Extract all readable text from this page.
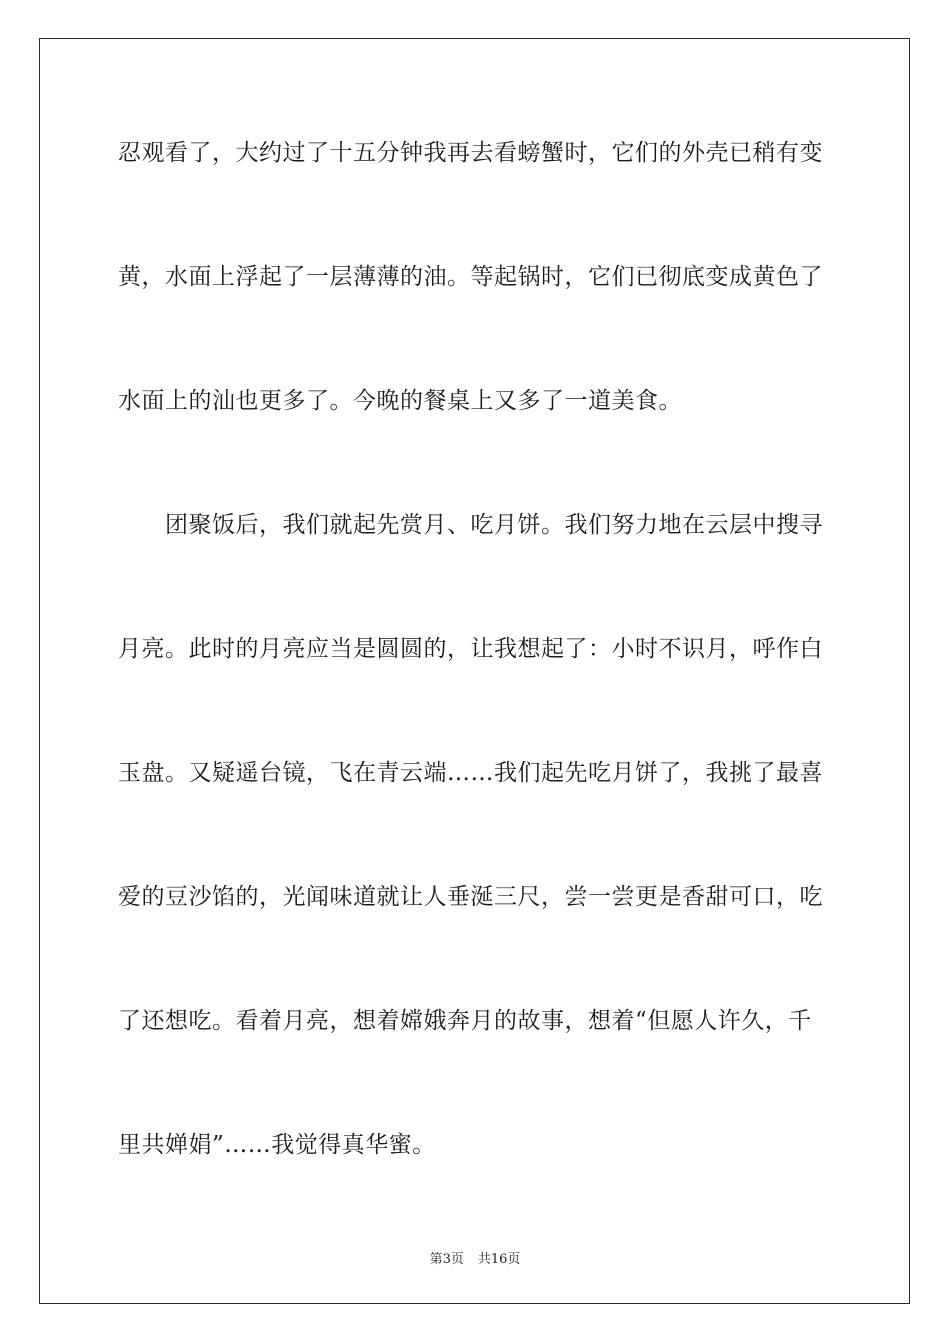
忍观看了，大约过了十五分钟我再去看螃蟹时，它们的外壳已稍有变
黄，水面上浮起了一层薄薄的油。等起锅时，它们已彻底变成黄色了
水面上的汕也更多了。今晚的餐桌上又多了一道美食。
　　团聚饭后，我们就起先赏月、吃月饼。我们努力地在云层中搜寻
月亮。此时的月亮应当是圆圆的，让我想起了：小时不识月，呼作白
玉盘。又疑遥台镜，飞在青云端……我们起先吃月饼了，我挑了最喜
爱的豆沙馅的，光闻味道就让人垂涎三尺，尝一尝更是香甜可口，吃
了还想吃。看着月亮，想着嫦娥奔月的故事，想着“但愿人许久，千
里共婵娟”……我觉得真华蜜。
第3页 共16页
